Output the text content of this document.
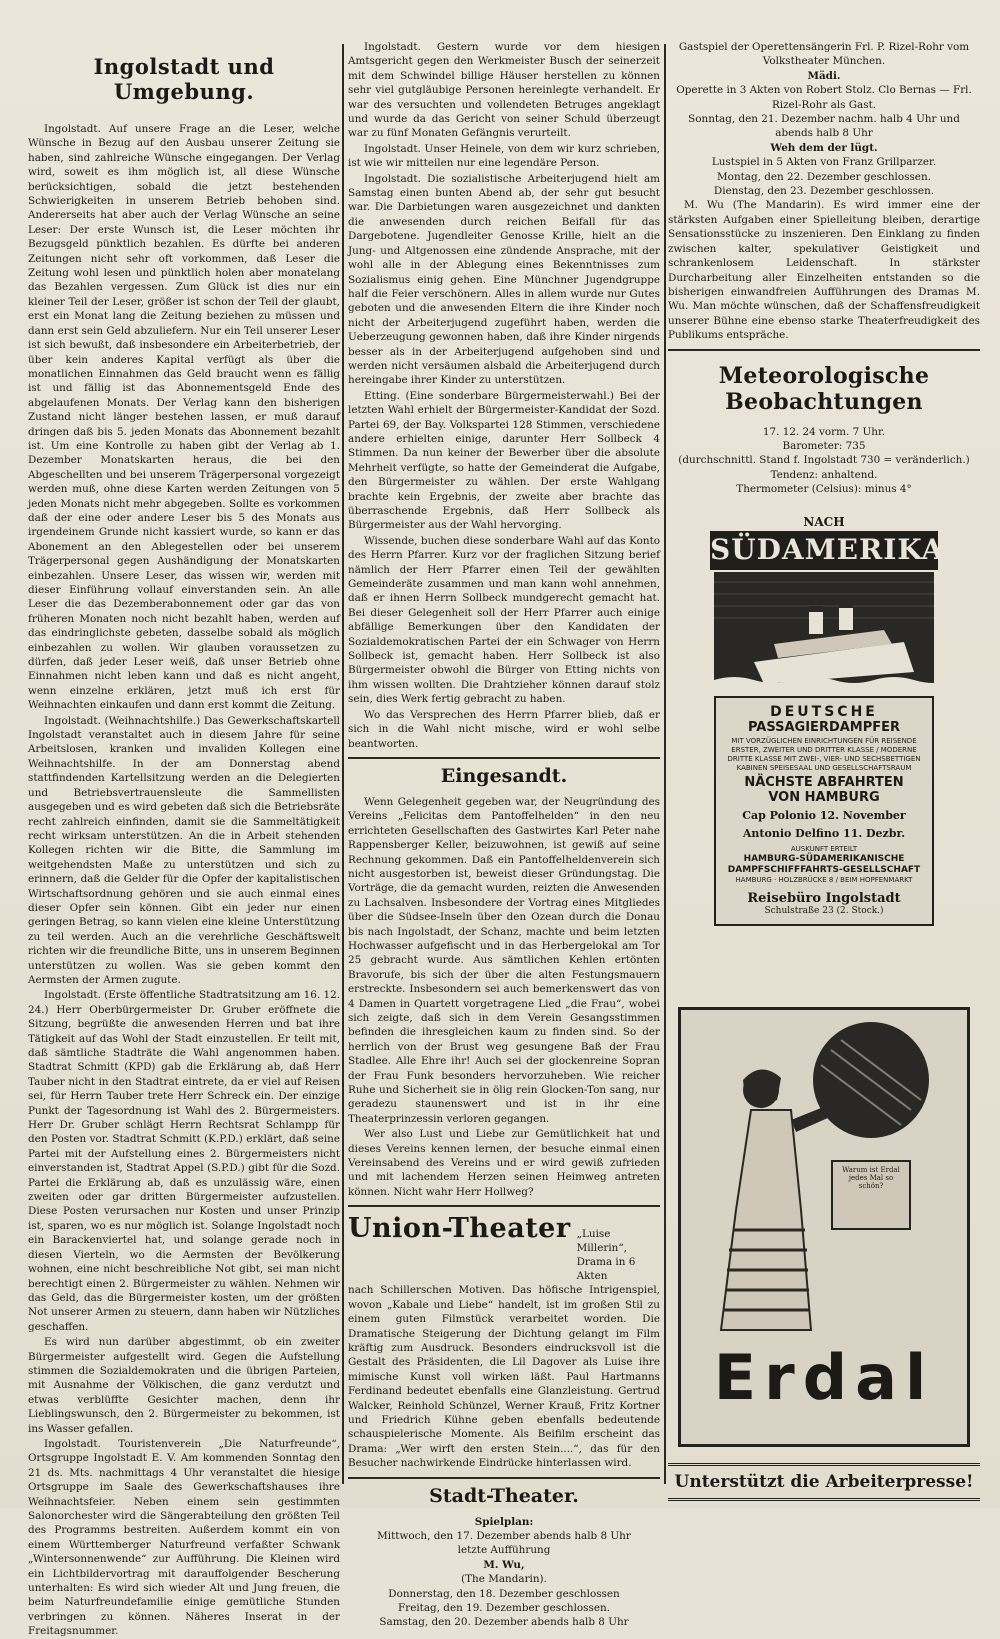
Ingolstadt und Umgebung.

Ingolstadt. Auf unsere Frage an die Leser, welche Wünsche in Bezug auf den Ausbau unserer Zeitung sie haben, sind zahlreiche Wünsche eingegangen. Der Verlag wird, soweit es ihm möglich ist, all diese Wünsche berücksichtigen, sobald die jetzt bestehenden Schwierigkeiten in unserem Betrieb behoben sind. Andererseits hat aber auch der Verlag Wünsche an seine Leser: Der erste Wunsch ist, die Leser möchten ihr Bezugsgeld pünktlich bezahlen. Es dürfte bei anderen Zeitungen nicht sehr oft vorkommen, daß Leser die Zeitung wohl lesen und pünktlich holen aber monatelang das Bezahlen vergessen. Zum Glück ist dies nur ein kleiner Teil der Leser, größer ist schon der Teil der glaubt, erst ein Monat lang die Zeitung beziehen zu müssen und dann erst sein Geld abzuliefern. Nur ein Teil unserer Leser ist sich bewußt, daß insbesondere ein Arbeiterbetrieb, der über kein anderes Kapital verfügt als über die monatlichen Einnahmen das Geld braucht wenn es fällig ist und fällig ist das Abonnementsgeld Ende des abgelaufenen Monats. Der Verlag kann den bisherigen Zustand nicht länger bestehen lassen, er muß darauf dringen daß bis 5. jeden Monats das Abonnement bezahlt ist. Um eine Kontrolle zu haben gibt der Verlag ab 1. Dezember Monatskarten heraus, die bei den Abgeschellten und bei unserem Trägerpersonal vorgezeigt werden muß, ohne diese Karten werden Zeitungen von 5 jeden Monats nicht mehr abgegeben. Sollte es vorkommen daß der eine oder andere Leser bis 5 des Monats aus irgendeinem Grunde nicht kassiert wurde, so kann er das Abonement an den Ablegestellen oder bei unserem Trägerpersonal gegen Aushändigung der Monatskarten einbezahlen. Unsere Leser, das wissen wir, werden mit dieser Einführung vollauf einverstanden sein. An alle Leser die das Dezemberabonnement oder gar das von früheren Monaten noch nicht bezahlt haben, werden auf das eindringlichste gebeten, dasselbe sobald als möglich einbezahlen zu wollen. Wir glauben voraussetzen zu dürfen, daß jeder Leser weiß, daß unser Betrieb ohne Einnahmen nicht leben kann und daß es nicht angeht, wenn einzelne erklären, jetzt muß ich erst für Weihnachten einkaufen und dann erst kommt die Zeitung.

Ingolstadt. (Weihnachtshilfe.) Das Gewerkschaftskartell Ingolstadt veranstaltet auch in diesem Jahre für seine Arbeitslosen, kranken und invaliden Kollegen eine Weihnachtshilfe. In der am Donnerstag abend stattfindenden Kartellsitzung werden an die Delegierten und Betriebsvertrauensleute die Sammellisten ausgegeben und es wird gebeten daß sich die Betriebsräte recht zahlreich einfinden, damit sie die Sammeltätigkeit recht wirksam unterstützen. An die in Arbeit stehenden Kollegen richten wir die Bitte, die Sammlung im weitgehendsten Maße zu unterstützen und sich zu erinnern, daß die Gelder für die Opfer der kapitalistischen Wirtschaftsordnung gehören und sie auch einmal eines dieser Opfer sein können. Gibt ein jeder nur einen geringen Betrag, so kann vielen eine kleine Unterstützung zu teil werden. Auch an die verehrliche Geschäftswelt richten wir die freundliche Bitte, uns in unserem Beginnen unterstützen zu wollen. Was sie geben kommt den Aermsten der Armen zugute.

Ingolstadt. (Erste öffentliche Stadtratsitzung am 16. 12. 24.) Herr Oberbürgermeister Dr. Gruber eröffnete die Sitzung, begrüßte die anwesenden Herren und bat ihre Tätigkeit auf das Wohl der Stadt einzustellen. Er teilt mit, daß sämtliche Stadträte die Wahl angenommen haben. Stadtrat Schmitt (KPD) gab die Erklärung ab, daß Herr Tauber nicht in den Stadtrat eintrete, da er viel auf Reisen sei, für Herrn Tauber trete Herr Schreck ein. Der einzige Punkt der Tagesordnung ist Wahl des 2. Bürgermeisters. Herr Dr. Gruber schlägt Herrn Rechtsrat Schlampp für den Posten vor. Stadtrat Schmitt (K.P.D.) erklärt, daß seine Partei mit der Aufstellung eines 2. Bürgermeisters nicht einverstanden ist, Stadtrat Appel (S.P.D.) gibt für die Sozd. Partei die Erklärung ab, daß es unzulässig wäre, einen zweiten oder gar dritten Bürgermeister aufzustellen. Diese Posten verursachen nur Kosten und unser Prinzip ist, sparen, wo es nur möglich ist. Solange Ingolstadt noch ein Barackenviertel hat, und solange gerade noch in diesen Vierteln, wo die Aermsten der Bevölkerung wohnen, eine nicht beschreibliche Not gibt, sei man nicht berechtigt einen 2. Bürgermeister zu wählen. Nehmen wir das Geld, das die Bürgermeister kosten, um der größten Not unserer Armen zu steuern, dann haben wir Nützliches geschaffen.

Es wird nun darüber abgestimmt, ob ein zweiter Bürgermeister aufgestellt wird. Gegen die Aufstellung stimmen die Sozialdemokraten und die übrigen Parteien, mit Ausnahme der Völkischen, die ganz verdutzt und etwas verblüffte Gesichter machen, denn ihr Lieblingswunsch, den 2. Bürgermeister zu bekommen, ist ins Wasser gefallen.

Ingolstadt. Touristenverein „Die Naturfreunde“, Ortsgruppe Ingolstadt E. V. Am kommenden Sonntag den 21 ds. Mts. nachmittags 4 Uhr veranstaltet die hiesige Ortsgruppe im Saale des Gewerkschaftshauses ihre Weihnachtsfeier. Neben einem sein gestimmten Salonorchester wird die Sängerabteilung den größten Teil des Programms bestreiten. Außerdem kommt ein von einem Württemberger Naturfreund verfaßter Schwank „Wintersonnenwende“ zur Aufführung. Die Kleinen wird ein Lichtbildervortrag mit darauffolgender Bescherung unterhalten: Es wird sich wieder Alt und Jung freuen, die beim Naturfreundefamilie einige gemütliche Stunden verbringen zu können. Näheres Inserat in der Freitagsnummer.

Ingolstadt. Gestern wurde vor dem hiesigen Amtsgericht gegen den Werkmeister Busch der seinerzeit mit dem Schwindel billige Häuser herstellen zu können sehr viel gutgläubige Personen hereinlegte verhandelt. Er war des versuchten und vollendeten Betruges angeklagt und wurde da das Gericht von seiner Schuld überzeugt war zu fünf Monaten Gefängnis verurteilt.

Ingolstadt. Unser Heinele, von dem wir kurz schrieben, ist wie wir mitteilen nur eine legendäre Person.

Ingolstadt. Die sozialistische Arbeiterjugend hielt am Samstag einen bunten Abend ab, der sehr gut besucht war. Die Darbietungen waren ausgezeichnet und dankten die anwesenden durch reichen Beifall für das Dargebotene. Jugendleiter Genosse Krille, hielt an die Jung- und Altgenossen eine zündende Ansprache, mit der wohl alle in der Ablegung eines Bekenntnisses zum Sozialismus einig gehen. Eine Münchner Jugendgruppe half die Feier verschönern. Alles in allem wurde nur Gutes geboten und die anwesenden Eltern die ihre Kinder noch nicht der Arbeiterjugend zugeführt haben, werden die Ueberzeugung gewonnen haben, daß ihre Kinder nirgends besser als in der Arbeiterjugend aufgehoben sind und werden nicht versäumen alsbald die Arbeiterjugend durch hereingabe ihrer Kinder zu unterstützen.

Etting. (Eine sonderbare Bürgermeisterwahl.) Bei der letzten Wahl erhielt der Bürgermeister-Kandidat der Sozd. Partei 69, der Bay. Volkspartei 128 Stimmen, verschiedene andere erhielten einige, darunter Herr Sollbeck 4 Stimmen. Da nun keiner der Bewerber über die absolute Mehrheit verfügte, so hatte der Gemeinderat die Aufgabe, den Bürgermeister zu wählen. Der erste Wahlgang brachte kein Ergebnis, der zweite aber brachte das überraschende Ergebnis, daß Herr Sollbeck als Bürgermeister aus der Wahl hervorging.

Wissende, buchen diese sonderbare Wahl auf das Konto des Herrn Pfarrer. Kurz vor der fraglichen Sitzung berief nämlich der Herr Pfarrer einen Teil der gewählten Gemeinderäte zusammen und man kann wohl annehmen, daß er ihnen Herrn Sollbeck mundgerecht gemacht hat. Bei dieser Gelegenheit soll der Herr Pfarrer auch einige abfällige Bemerkungen über den Kandidaten der Sozialdemokratischen Partei der ein Schwager von Herrn Sollbeck ist, gemacht haben. Herr Sollbeck ist also Bürgermeister obwohl die Bürger von Etting nichts von ihm wissen wollten. Die Drahtzieher können darauf stolz sein, dies Werk fertig gebracht zu haben.

Wo das Versprechen des Herrn Pfarrer blieb, daß er sich in die Wahl nicht mische, wird er wohl selbe beantworten.

Eingesandt.

Wenn Gelegenheit gegeben war, der Neugründung des Vereins „Felicitas dem Pantoffelhelden“ in den neu errichteten Gesellschaften des Gastwirtes Karl Peter nahe Rappensberger Keller, beizuwohnen, ist gewiß auf seine Rechnung gekommen. Daß ein Pantoffelheldenverein sich nicht ausgestorben ist, beweist dieser Gründungstag. Die Vorträge, die da gemacht wurden, reizten die Anwesenden zu Lachsalven. Insbesondere der Vortrag eines Mitgliedes über die Südsee-Inseln über den Ozean durch die Donau bis nach Ingolstadt, der Schanz, machte und beim letzten Hochwasser aufgefischt und in das Herbergelokal am Tor 25 gebracht wurde. Aus sämtlichen Kehlen ertönten Bravorufe, bis sich der über die alten Festungsmauern erstreckte. Insbesondern sei auch bemerkenswert das von 4 Damen in Quartett vorgetragene Lied „die Frau“, wobei sich zeigte, daß sich in dem Verein Gesangsstimmen befinden die ihresgleichen kaum zu finden sind. So der herrlich von der Brust weg gesungene Baß der Frau Stadlee. Alle Ehre ihr! Auch sei der glockenreine Sopran der Frau Funk besonders hervorzuheben. Wie reicher Ruhe und Sicherheit sie in ölig rein Glocken-Ton sang, nur geradezu staunenswert und ist in ihr eine Theaterprinzessin verloren gegangen.

Wer also Lust und Liebe zur Gemütlichkeit hat und dieses Vereins kennen lernen, der besuche einmal einen Vereinsabend des Vereins und er wird gewiß zufrieden und mit lachendem Herzen seinen Heimweg antreten können. Nicht wahr Herr Hollweg?

Union-Theater „Luise Millerin“, Drama in 6 Akten

nach Schillerschen Motiven. Das höfische Intrigenspiel, wovon „Kabale und Liebe“ handelt, ist im großen Stil zu einem guten Filmstück verarbeitet worden. Die Dramatische Steigerung der Dichtung gelangt im Film kräftig zum Ausdruck. Besonders eindrucksvoll ist die Gestalt des Präsidenten, die Lil Dagover als Luise ihre mimische Kunst voll wirken läßt. Paul Hartmanns Ferdinand bedeutet ebenfalls eine Glanzleistung. Gertrud Walcker, Reinhold Schünzel, Werner Krauß, Fritz Kortner und Friedrich Kühne geben ebenfalls bedeutende schauspielerische Momente. Als Beifilm erscheint das Drama: „Wer wirft den ersten Stein....“, das für den Besucher nachwirkende Eindrücke hinterlassen wird.

Stadt-Theater.
Spielplan:
Mittwoch, den 17. Dezember abends halb 8 Uhr
letzte Aufführung
M. Wu,
(The Mandarin).
Donnerstag, den 18. Dezember geschlossen
Freitag, den 19. Dezember geschlossen.
Samstag, den 20. Dezember abends halb 8 Uhr
Gastspiel der Operettensängerin Frl. P. Rizel-Rohr vom Volkstheater München.
Mädi.
Operette in 3 Akten von Robert Stolz. Clo Bernas — Frl. Rizel-Rohr als Gast.
Sonntag, den 21. Dezember nachm. halb 4 Uhr und abends halb 8 Uhr
Weh dem der lügt.
Lustspiel in 5 Akten von Franz Grillparzer.
Montag, den 22. Dezember geschlossen.
Dienstag, den 23. Dezember geschlossen.

M. Wu (The Mandarin). Es wird immer eine der stärksten Aufgaben einer Spielleitung bleiben, derartige Sensationsstücke zu inszenieren. Den Einklang zu finden zwischen kalter, spekulativer Geistigkeit und schrankenlosem Leidenschaft. In stärkster Durcharbeitung aller Einzelheiten entstanden so die bisherigen einwandfreien Aufführungen des Dramas M. Wu. Man möchte wünschen, daß der Schaffensfreudigkeit unserer Bühne eine ebenso starke Theaterfreudigkeit des Publikums entspräche.

Meteorologische Beobachtungen
17. 12. 24 vorm. 7 Uhr.
Barometer: 735
(durchschnittl. Stand f. Ingolstadt 730 = veränderlich.)
Tendenz: anhaltend.
Thermometer (Celsius): minus 4°
NACH
SÜDAMERIKA
DEUTSCHE
PASSAGIERDAMPFER
MIT VORZÜGLICHEN EINRICHTUNGEN FÜR REISENDE ERSTER, ZWEITER UND DRITTER KLASSE / MODERNE DRITTE KLASSE MIT ZWEI-, VIER- UND SECHSBETTIGEN KABINEN SPEISESAAL UND GESELLSCHAFTSRAUM
NÄCHSTE ABFAHRTEN
VON HAMBURG
Cap Polonio 12. November
Antonio Delfino 11. Dezbr.
AUSKUNFT ERTEILT
HAMBURG-SÜDAMERIKANISCHE
DAMPFSCHIFFFAHRTS-GESELLSCHAFT
HAMBURG · HOLZBRÜCKE 8 / BEIM HOPFENMARKT
Reisebüro Ingolstadt
Schulstraße 23 (2. Stock.)
Warum ist Erdal jedes Mal so schön?
Erdal
Unterstützt die Arbeiterpresse!
